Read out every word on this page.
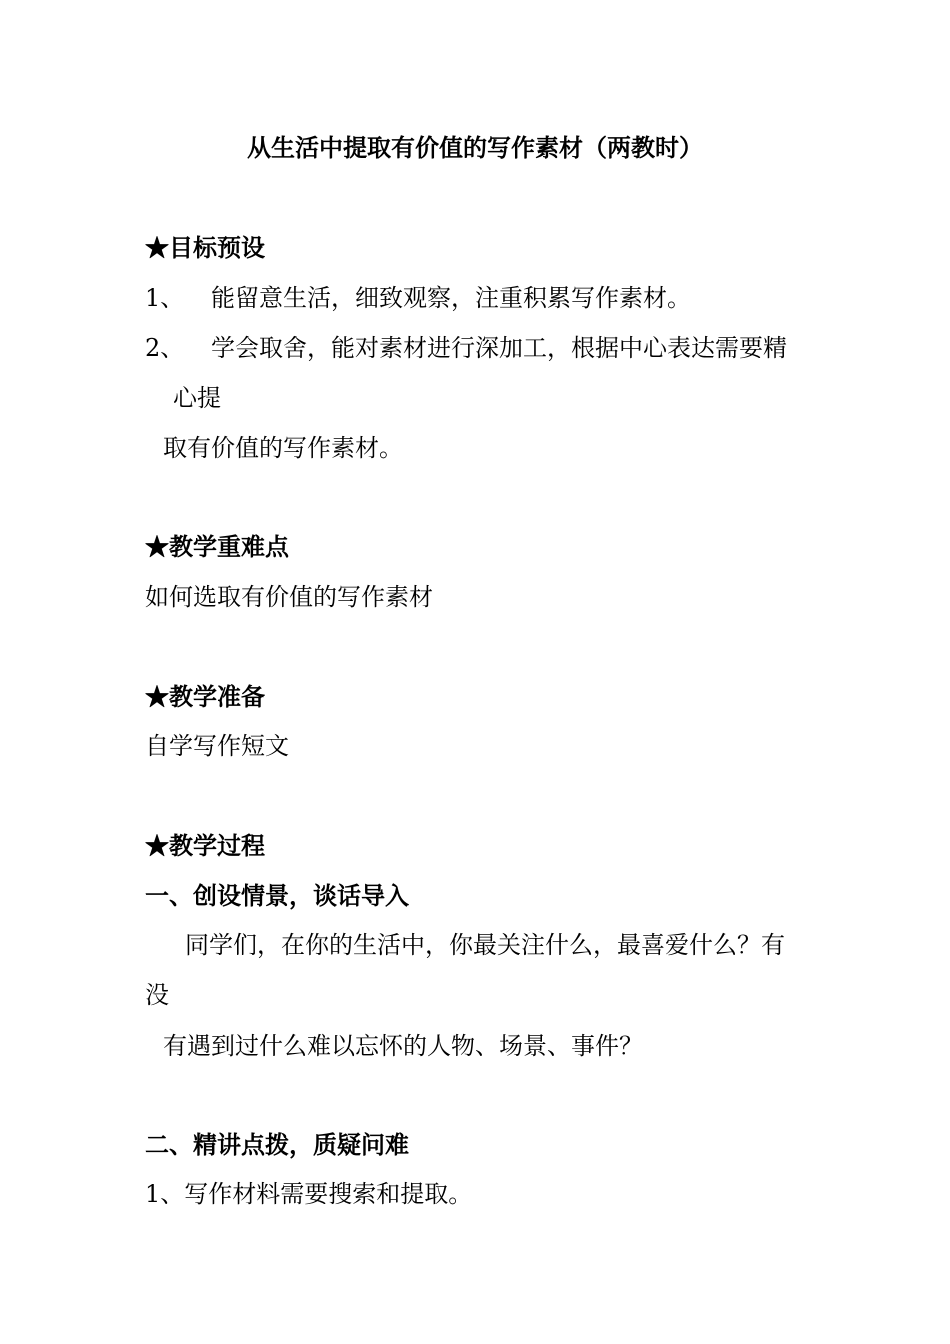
从生活中提取有价值的写作素材（两教时）
★目标预设
1、 能留意生活，细致观察，注重积累写作素材。
2、 学会取舍，能对素材进行深加工，根据中心表达需要精
心提
取有价值的写作素材。
★教学重难点
如何选取有价值的写作素材
★教学准备
自学写作短文
★教学过程
一、创设情景，谈话导入
同学们，在你的生活中，你最关注什么，最喜爱什么？有
没
有遇到过什么难以忘怀的人物、场景、事件？
二、精讲点拨，质疑问难
1、写作材料需要搜索和提取。
